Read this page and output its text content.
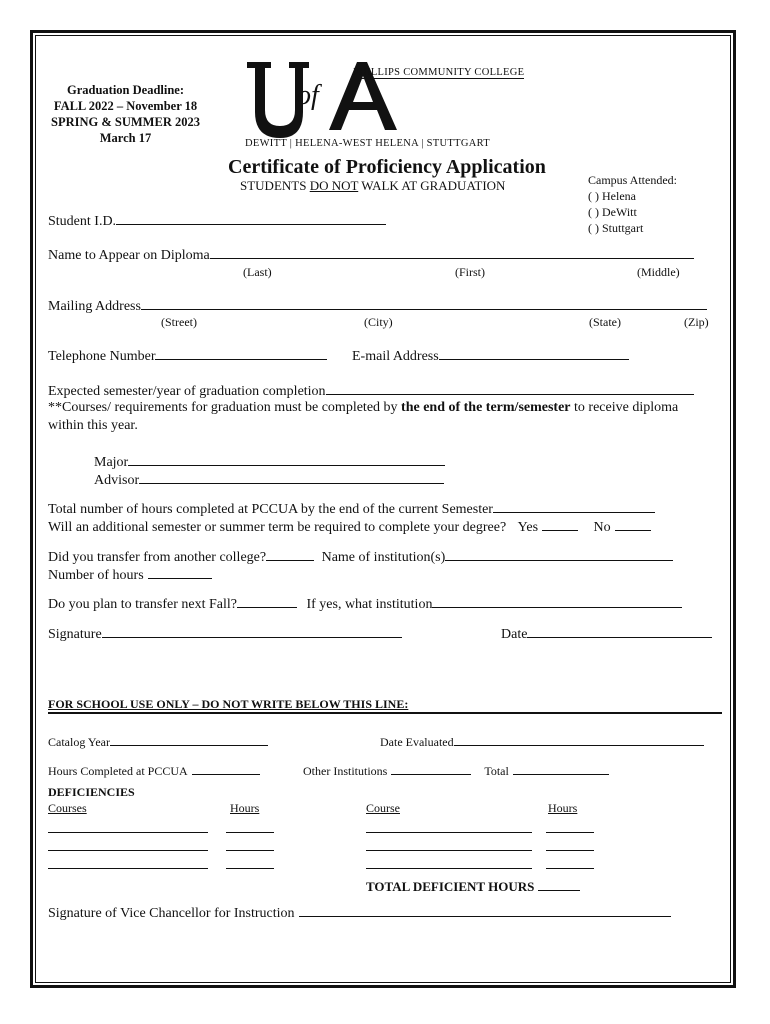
Graduation Deadline:
FALL 2022 – November 18
SPRING & SUMMER 2023
March 17
of
PHILLIPS COMMUNITY COLLEGE
DEWITT | HELENA-WEST HELENA | STUTTGART
Certificate of Proficiency Application
STUDENTS DO NOT WALK AT GRADUATION	Campus Attended:
( ) Helena
( ) DeWitt
( ) Stuttgart
Student I.D.
Name to Appear on Diploma
(Last)	(First)	(Middle)
Mailing Address
(Street)	(City)	(State)	(Zip)
Telephone Number	E-mail Address
Expected semester/year of graduation completion
**Courses/ requirements for graduation must be completed by the end of the term/semester to receive diploma
within this year.
Major
Advisor
Total number of hours completed at PCCUA by the end of the current Semester
Will an additional semester or summer term be required to complete your degree? Yes	No
Did you transfer from another college?	Name of institution(s)
Number of hours
Do you plan to transfer next Fall?	If yes, what institution
Signature	Date
FOR SCHOOL USE ONLY – DO NOT WRITE BELOW THIS LINE:
Catalog Year	Date Evaluated
Hours Completed at PCCUA	Other Institutions	Total
DEFICIENCIES
Courses	Hours	Course	Hours
TOTAL DEFICIENT HOURS
Signature of Vice Chancellor for Instruction
